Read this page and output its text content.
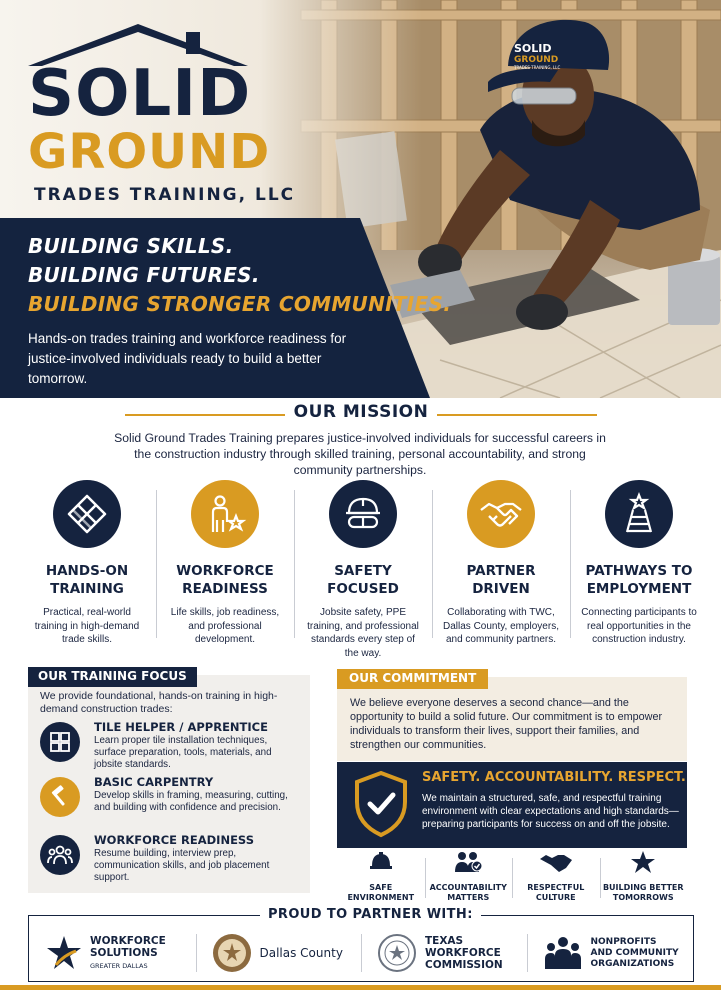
SOLID
GROUND
TRADES TRAINING, LLC
SOLID
GROUND
TRADES TRAINING, LLC
BUILDING SKILLS.
BUILDING FUTURES.
BUILDING STRONGER COMMUNITIES.
Hands-on trades training and workforce readiness for justice-involved individuals ready to build a better tomorrow.
OUR MISSION
Solid Ground Trades Training prepares justice-involved individuals for successful careers in the construction industry through skilled training, personal accountability, and strong community partnerships.
HANDS-ON
TRAINING
Practical, real-world training in high-demand trade skills.
WORKFORCE
READINESS
Life skills, job readiness, and professional development.
SAFETY
FOCUSED
Jobsite safety, PPE training, and professional standards every step of the way.
PARTNER
DRIVEN
Collaborating with TWC, Dallas County, employers, and community partners.
PATHWAYS TO
EMPLOYMENT
Connecting participants to real opportunities in the construction industry.
OUR TRAINING FOCUS
We provide foundational, hands-on training in high-demand construction trades:
TILE HELPER / APPRENTICE
Learn proper tile installation techniques, surface preparation, tools, materials, and jobsite standards.
BASIC CARPENTRY
Develop skills in framing, measuring, cutting, and building with confidence and precision.
WORKFORCE READINESS
Resume building, interview prep, communication skills, and job placement support.
OUR COMMITMENT
We believe everyone deserves a second chance—and the opportunity to build a solid future. Our commitment is to empower individuals to transform their lives, support their families, and strengthen our communities.
SAFETY. ACCOUNTABILITY. RESPECT.
We maintain a structured, safe, and respectful training environment with clear expectations and high standards—preparing participants for success on and off the jobsite.
SAFE
ENVIRONMENT
ACCOUNTABILITY
MATTERS
RESPECTFUL
CULTURE
BUILDING BETTER
TOMORROWS
PROUD TO PARTNER WITH:
WORKFORCE
SOLUTIONS
GREATER DALLAS
Dallas County
TEXAS
WORKFORCE
COMMISSION
NONPROFITS
AND COMMUNITY
ORGANIZATIONS
